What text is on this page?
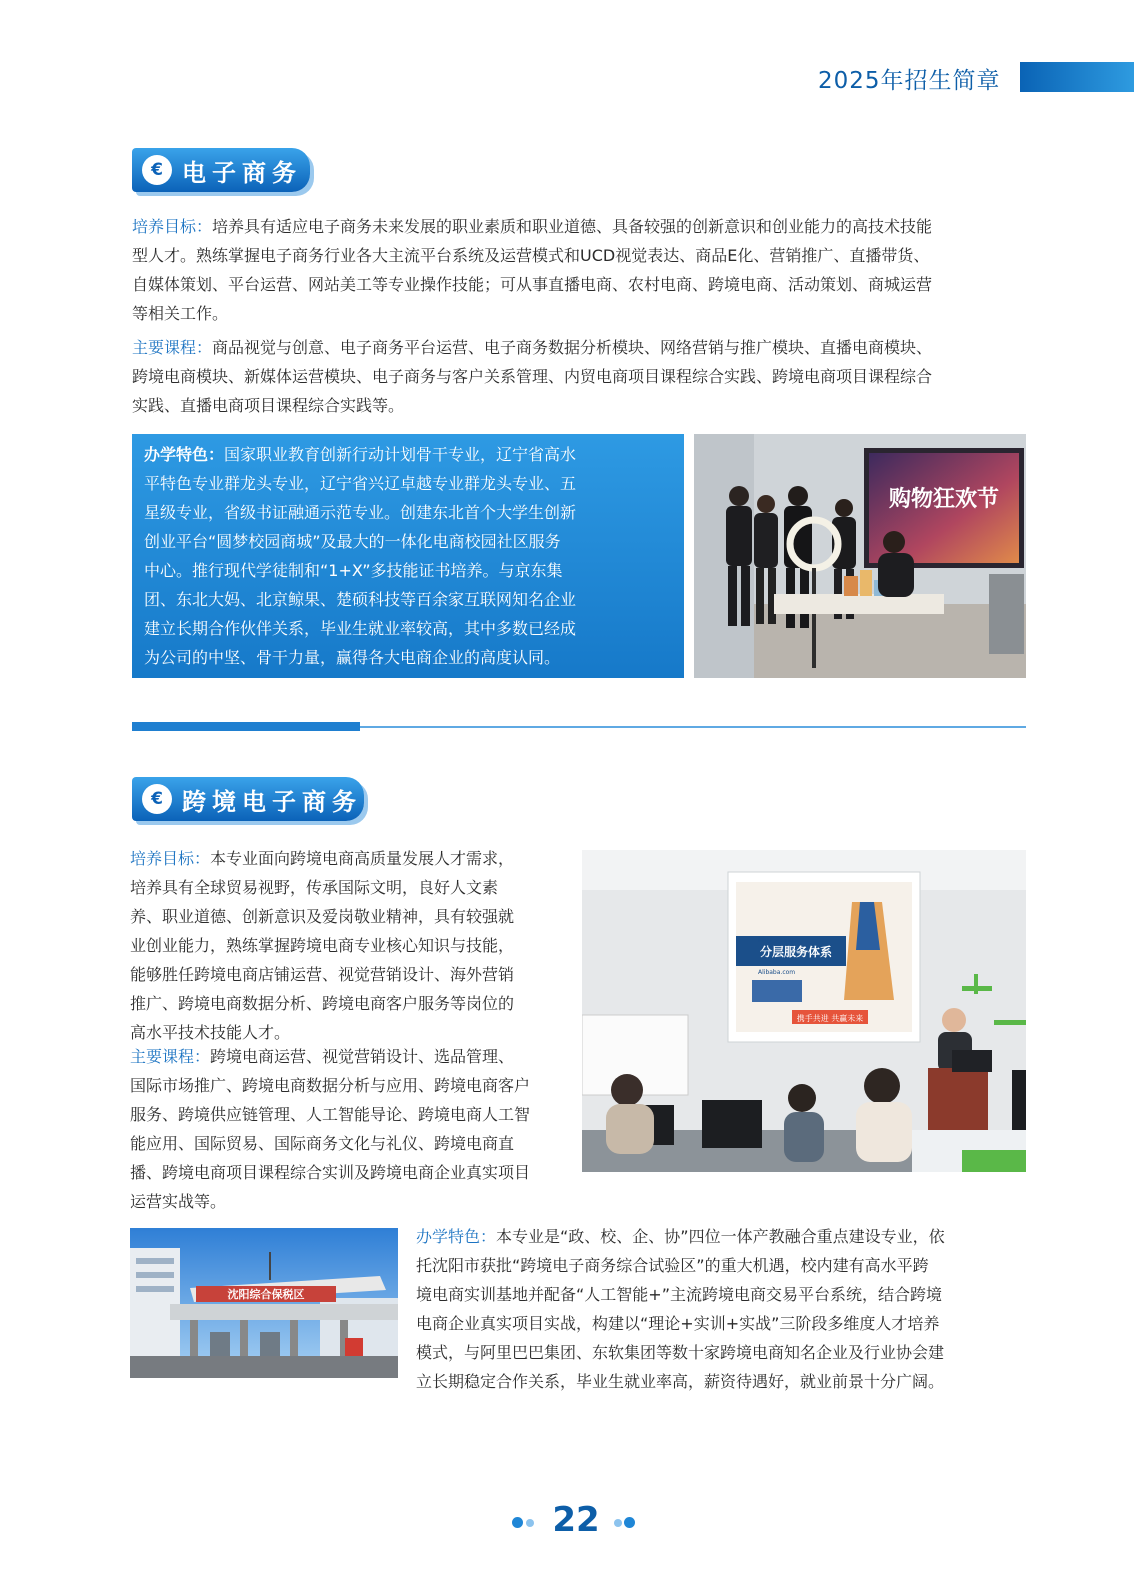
2025年招生简章
€ 电子商务
培养目标：培养具有适应电子商务未来发展的职业素质和职业道德、具备较强的创新意识和创业能力的高技术技能
型人才。熟练掌握电子商务行业各大主流平台系统及运营模式和UCD视觉表达、商品E化、营销推广、直播带货、
自媒体策划、平台运营、网站美工等专业操作技能；可从事直播电商、农村电商、跨境电商、活动策划、商城运营
等相关工作。
主要课程：商品视觉与创意、电子商务平台运营、电子商务数据分析模块、网络营销与推广模块、直播电商模块、
跨境电商模块、新媒体运营模块、电子商务与客户关系管理、内贸电商项目课程综合实践、跨境电商项目课程综合
实践、直播电商项目课程综合实践等。
办学特色：国家职业教育创新行动计划骨干专业，辽宁省高水
平特色专业群龙头专业，辽宁省兴辽卓越专业群龙头专业、五
星级专业，省级书证融通示范专业。创建东北首个大学生创新
创业平台“圆梦校园商城”及最大的一体化电商校园社区服务
中心。推行现代学徒制和“1+X”多技能证书培养。与京东集
团、东北大妈、北京鲸果、楚硕科技等百余家互联网知名企业
建立长期合作伙伴关系，毕业生就业率较高，其中多数已经成
为公司的中坚、骨干力量，赢得各大电商企业的高度认同。
购物狂欢节
€ 跨境电子商务
培养目标：本专业面向跨境电商高质量发展人才需求，
培养具有全球贸易视野，传承国际文明，良好人文素
养、职业道德、创新意识及爱岗敬业精神，具有较强就
业创业能力，熟练掌握跨境电商专业核心知识与技能，
能够胜任跨境电商店铺运营、视觉营销设计、海外营销
推广、跨境电商数据分析、跨境电商客户服务等岗位的
高水平技术技能人才。
主要课程：跨境电商运营、视觉营销设计、选品管理、
国际市场推广、跨境电商数据分析与应用、跨境电商客户
服务、跨境供应链管理、人工智能导论、跨境电商人工智
能应用、国际贸易、国际商务文化与礼仪、跨境电商直
播、跨境电商项目课程综合实训及跨境电商企业真实项目
运营实战等。
分层服务体系
阿里巴巴国际站
Alibaba.com
携手共进 共赢未来
沈阳综合保税区
办学特色：本专业是“政、校、企、协”四位一体产教融合重点建设专业，依
托沈阳市获批“跨境电子商务综合试验区”的重大机遇，校内建有高水平跨
境电商实训基地并配备“人工智能+”主流跨境电商交易平台系统，结合跨境
电商企业真实项目实战，构建以“理论+实训+实战”三阶段多维度人才培养
模式，与阿里巴巴集团、东软集团等数十家跨境电商知名企业及行业协会建
立长期稳定合作关系，毕业生就业率高，薪资待遇好，就业前景十分广阔。
22
